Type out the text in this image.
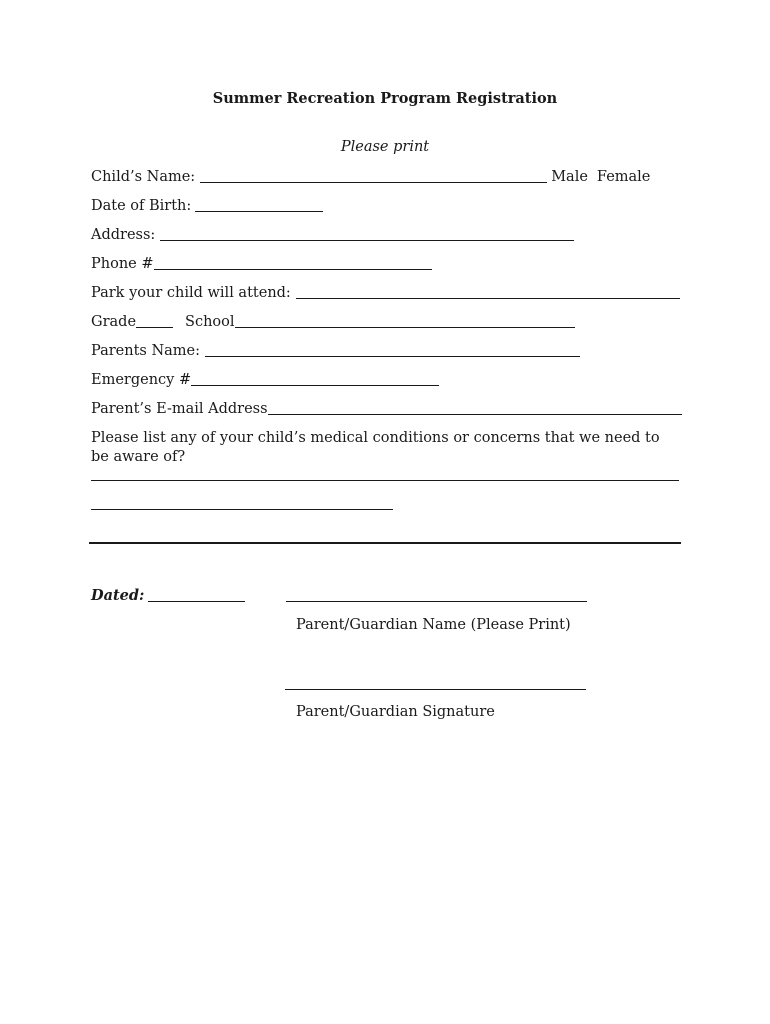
Summer Recreation Program Registration
Please print
Child’s Name:	Male Female
Date of Birth:
Address:
Phone #
Park your child will attend:
Grade	School
Parents Name:
Emergency #
Parent’s E-mail Address
Please list any of your child’s medical conditions or concerns that we need to be aware of?
Dated:
Parent/Guardian Name (Please Print)
Parent/Guardian Signature
